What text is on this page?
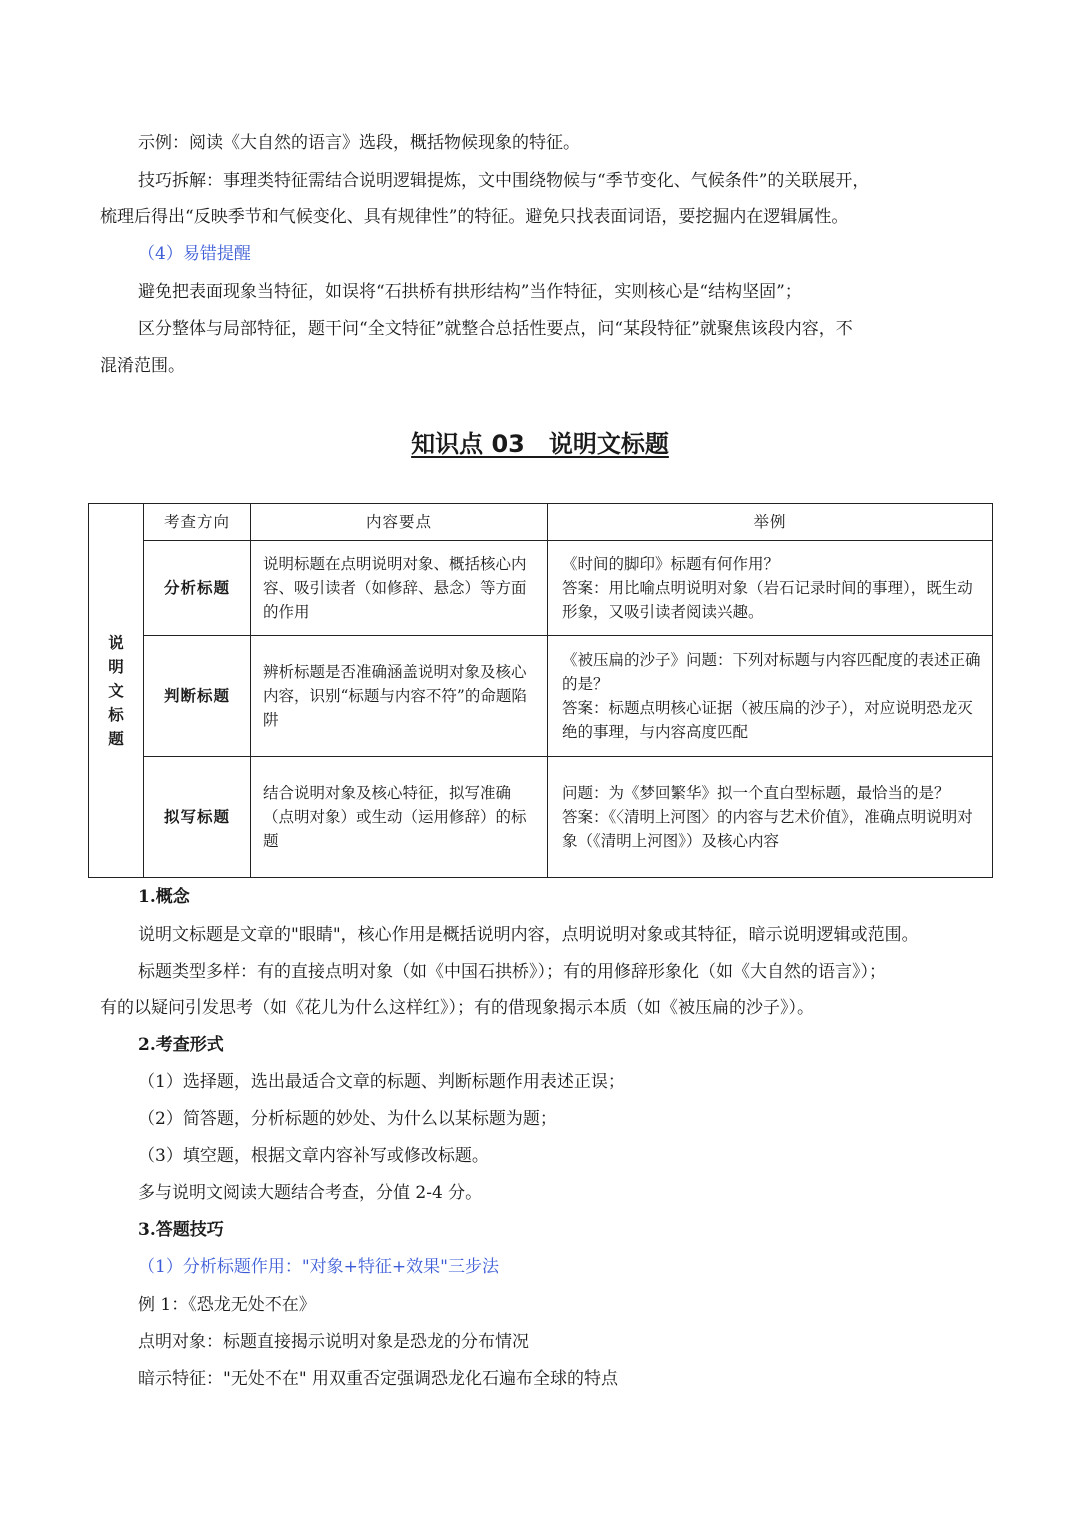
示例：阅读《大自然的语言》选段，概括物候现象的特征。

技巧拆解：事理类特征需结合说明逻辑提炼，文中围绕物候与“季节变化、气候条件”的关联展开，

梳理后得出“反映季节和气候变化、具有规律性”的特征。避免只找表面词语，要挖掘内在逻辑属性。

（4）易错提醒

避免把表面现象当特征，如误将“石拱桥有拱形结构”当作特征，实则核心是“结构坚固”；

区分整体与局部特征，题干问“全文特征”就整合总括性要点，问“某段特征”就聚焦该段内容，不

混淆范围。

知识点 03　说明文标题
说
明
文
标
题	考查方向	内容要点	举例
	分析标题	说明标题在点明说明对象、概括核心内容、吸引读者（如修辞、悬念）等方面的作用	《时间的脚印》标题有何作用？
答案：用比喻点明说明对象（岩石记录时间的事理），既生动形象，又吸引读者阅读兴趣。

	判断标题	辨析标题是否准确涵盖说明对象及核心内容，识别“标题与内容不符”的命题陷阱	《被压扁的沙子》问题：下列对标题与内容匹配度的表述正确的是？
答案：标题点明核心证据（被压扁的沙子），对应说明恐龙灭绝的事理，与内容高度匹配

	拟写标题	结合说明对象及核心特征，拟写准确（点明对象）或生动（运用修辞）的标题	问题：为《梦回繁华》拟一个直白型标题，最恰当的是？
答案：《〈清明上河图〉的内容与艺术价值》，准确点明说明对象（《清明上河图》）及核心内容

1.概念

说明文标题是文章的"眼睛"，核心作用是概括说明内容，点明说明对象或其特征，暗示说明逻辑或范围。

标题类型多样：有的直接点明对象（如《中国石拱桥》）；有的用修辞形象化（如《大自然的语言》）；

有的以疑问引发思考（如《花儿为什么这样红》）；有的借现象揭示本质（如《被压扁的沙子》）。

2.考查形式

（1）选择题，选出最适合文章的标题、判断标题作用表述正误；

（2）简答题，分析标题的妙处、为什么以某标题为题；

（3）填空题，根据文章内容补写或修改标题。

多与说明文阅读大题结合考查，分值 2-4 分。

3.答题技巧

（1）分析标题作用："对象+特征+效果"三步法

例 1：《恐龙无处不在》

点明对象：标题直接揭示说明对象是恐龙的分布情况

暗示特征："无处不在" 用双重否定强调恐龙化石遍布全球的特点
